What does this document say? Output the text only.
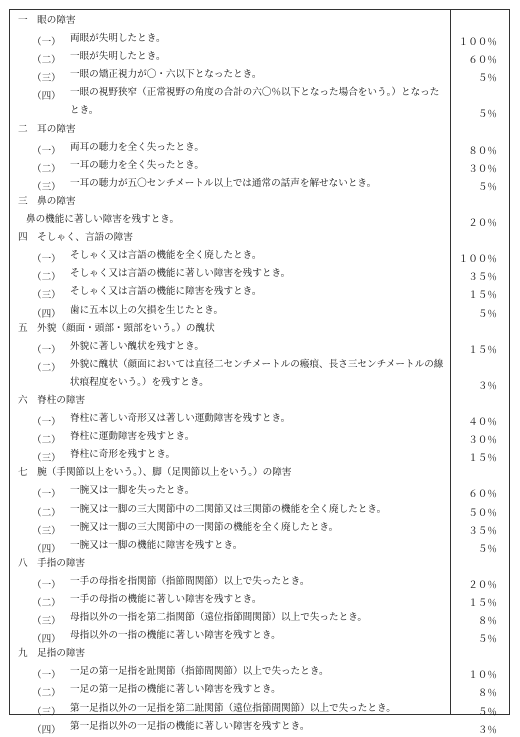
一　眼の障害
（一） 両眼が失明したとき。	１００％
（二） 一眼が失明したとき。	６０％
（三） 一眼の矯正視力が〇・六以下となったとき。	５％
（四） 一眼の視野狭窄（正常視野の角度の合計の六〇％以下となった場合をいう。）となったとき。	５％
二　耳の障害
（一） 両耳の聴力を全く失ったとき。	８０％
（二） 一耳の聴力を全く失ったとき。	３０％
（三） 一耳の聴力が五〇センチメートル以上では通常の話声を解せないとき。	５％
三　鼻の障害
鼻の機能に著しい障害を残すとき。	２０％
四　そしゃく、言語の障害
（一） そしゃく又は言語の機能を全く廃したとき。	１００％
（二） そしゃく又は言語の機能に著しい障害を残すとき。	３５％
（三） そしゃく又は言語の機能に障害を残すとき。	１５％
（四） 歯に五本以上の欠損を生じたとき。	５％
五　外貌（顔面・頭部・頸部をいう。）の醜状
（一） 外貌に著しい醜状を残すとき。	１５％
（二） 外貌に醜状（顔面においては直径二センチメートルの瘢痕、長さ三センチメートルの線状痕程度をいう。）を残すとき。	３％
六　脊柱の障害
（一） 脊柱に著しい奇形又は著しい運動障害を残すとき。	４０％
（二） 脊柱に運動障害を残すとき。	３０％
（三） 脊柱に奇形を残すとき。	１５％
七　腕（手関節以上をいう。）、脚（足関節以上をいう。）の障害
（一） 一腕又は一脚を失ったとき。	６０％
（二） 一腕又は一脚の三大関節中の二関節又は三関節の機能を全く廃したとき。	５０％
（三） 一腕又は一脚の三大関節中の一関節の機能を全く廃したとき。	３５％
（四） 一腕又は一脚の機能に障害を残すとき。	５％
八　手指の障害
（一） 一手の母指を指関節（指節間関節）以上で失ったとき。	２０％
（二） 一手の母指の機能に著しい障害を残すとき。	１５％
（三） 母指以外の一指を第二指関節（遠位指節間関節）以上で失ったとき。	８％
（四） 母指以外の一指の機能に著しい障害を残すとき。	５％
九　足指の障害
（一） 一足の第一足指を趾関節（指節間関節）以上で失ったとき。	１０％
（二） 一足の第一足指の機能に著しい障害を残すとき。	８％
（三） 第一足指以外の一足指を第二趾関節（遠位指節間関節）以上で失ったとき。	５％
（四） 第一足指以外の一足指の機能に著しい障害を残すとき。	３％
